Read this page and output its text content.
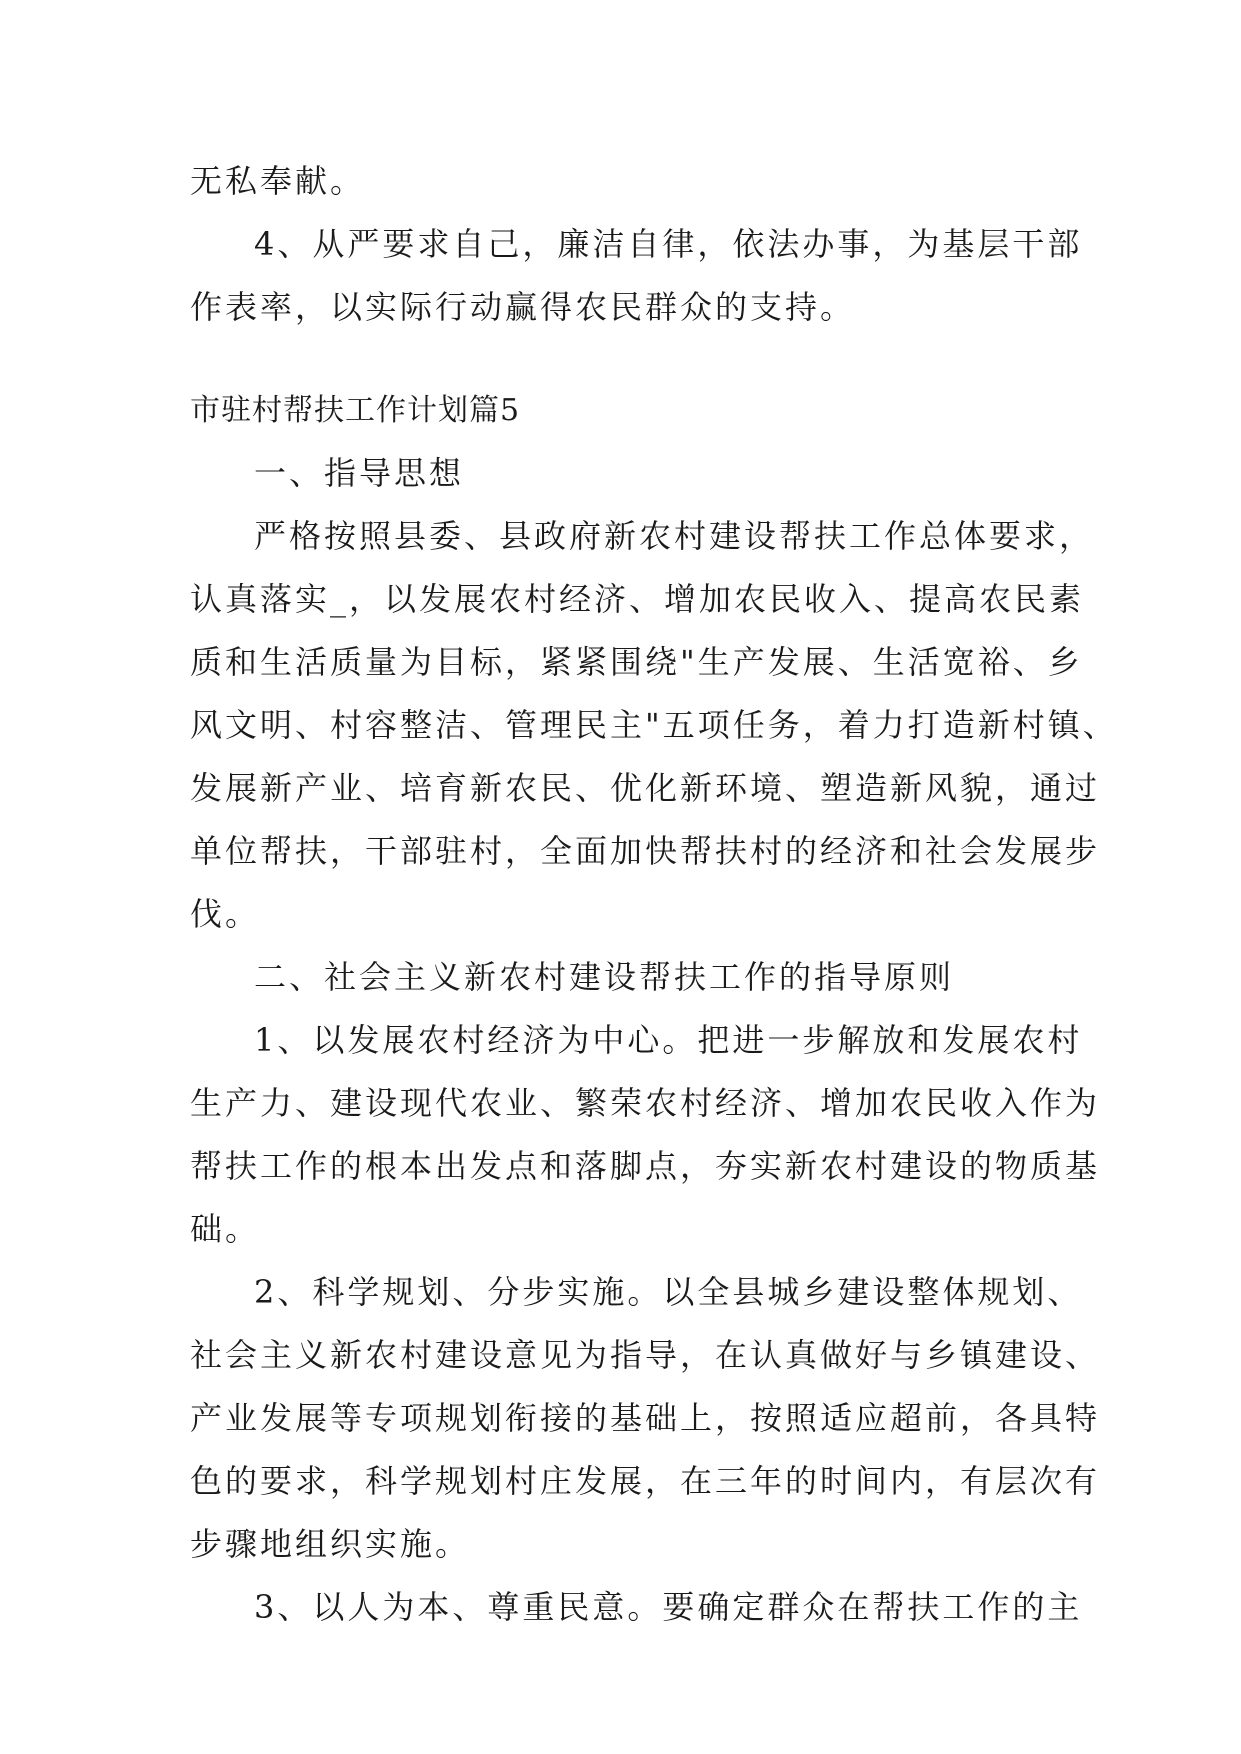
无私奉献。
4、从严要求自己，廉洁自律，依法办事，为基层干部
作表率，以实际行动赢得农民群众的支持。
市驻村帮扶工作计划篇5
一、指导思想
严格按照县委、县政府新农村建设帮扶工作总体要求，
认真落实_，以发展农村经济、增加农民收入、提高农民素
质和生活质量为目标，紧紧围绕"生产发展、生活宽裕、乡
风文明、村容整洁、管理民主"五项任务，着力打造新村镇、
发展新产业、培育新农民、优化新环境、塑造新风貌，通过
单位帮扶，干部驻村，全面加快帮扶村的经济和社会发展步
伐。
二、社会主义新农村建设帮扶工作的指导原则
1、以发展农村经济为中心。把进一步解放和发展农村
生产力、建设现代农业、繁荣农村经济、增加农民收入作为
帮扶工作的根本出发点和落脚点，夯实新农村建设的物质基
础。
2、科学规划、分步实施。以全县城乡建设整体规划、
社会主义新农村建设意见为指导，在认真做好与乡镇建设、
产业发展等专项规划衔接的基础上，按照适应超前，各具特
色的要求，科学规划村庄发展，在三年的时间内，有层次有
步骤地组织实施。
3、以人为本、尊重民意。要确定群众在帮扶工作的主
